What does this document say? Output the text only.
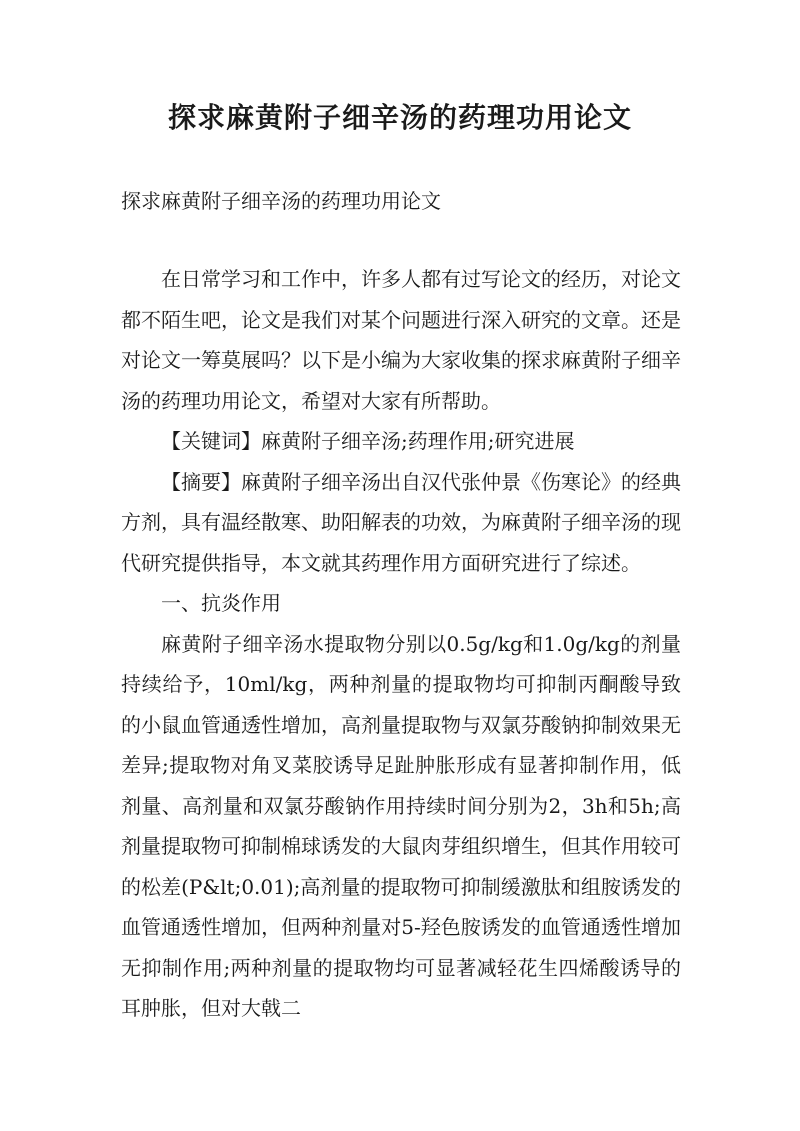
探求麻黄附子细辛汤的药理功用论文

探求麻黄附子细辛汤的药理功用论文

在日常学习和工作中，许多人都有过写论文的经历，对论文都不陌生吧，论文是我们对某个问题进行深入研究的文章。还是对论文一筹莫展吗？以下是小编为大家收集的探求麻黄附子细辛汤的药理功用论文，希望对大家有所帮助。

【关键词】麻黄附子细辛汤;药理作用;研究进展

【摘要】麻黄附子细辛汤出自汉代张仲景《伤寒论》的经典方剂，具有温经散寒、助阳解表的功效，为麻黄附子细辛汤的现代研究提供指导，本文就其药理作用方面研究进行了综述。

一、抗炎作用

麻黄附子细辛汤水提取物分别以0.5g/kg和1.0g/kg的剂量持续给予，10ml/kg，两种剂量的提取物均可抑制丙酮酸导致的小鼠血管通透性增加，高剂量提取物与双氯芬酸钠抑制效果无差异;提取物对角叉菜胶诱导足趾肿胀形成有显著抑制作用，低剂量、高剂量和双氯芬酸钠作用持续时间分别为2，3h和5h;高剂量提取物可抑制棉球诱发的大鼠肉芽组织增生，但其作用较可的松差(P&lt;0.01);高剂量的提取物可抑制缓激肽和组胺诱发的血管通透性增加，但两种剂量对5-羟色胺诱发的血管通透性增加无抑制作用;两种剂量的提取物均可显著减轻花生四烯酸诱导的耳肿胀，但对大戟二
